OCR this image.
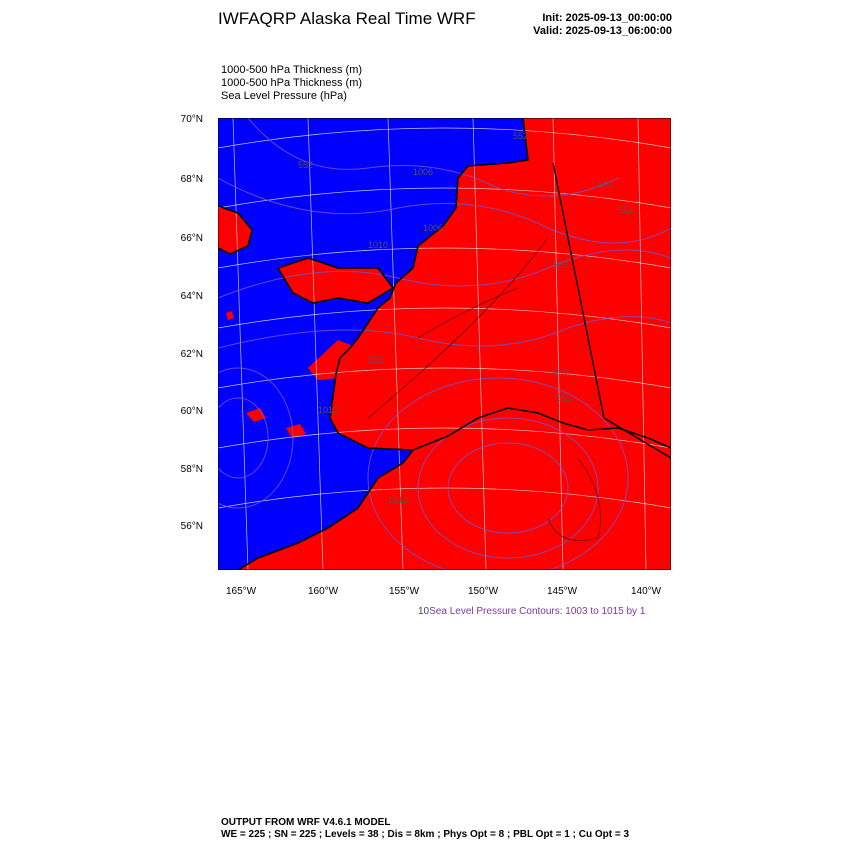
IWFAQRP Alaska Real Time WRF	Init: 2025-09-13_00:00:00
Valid: 2025-09-13_06:00:00
1000-500 hPa Thickness (m)
1000-500 hPa Thickness (m)
Sea Level Pressure (hPa)
552
1006
1006
1010
552
1012
552
552
552
552
552
552
1012
70°N
68°N
66°N
64°N
62°N
60°N
58°N
56°N
165°W	160°W	155°W	150°W	145°W	140°W
10Sea Level Pressure Contours: 1003 to 1015 by 1
OUTPUT FROM WRF V4.6.1 MODEL
WE = 225 ; SN = 225 ; Levels = 38 ; Dis = 8km ; Phys Opt = 8 ; PBL Opt = 1 ; Cu Opt = 3
